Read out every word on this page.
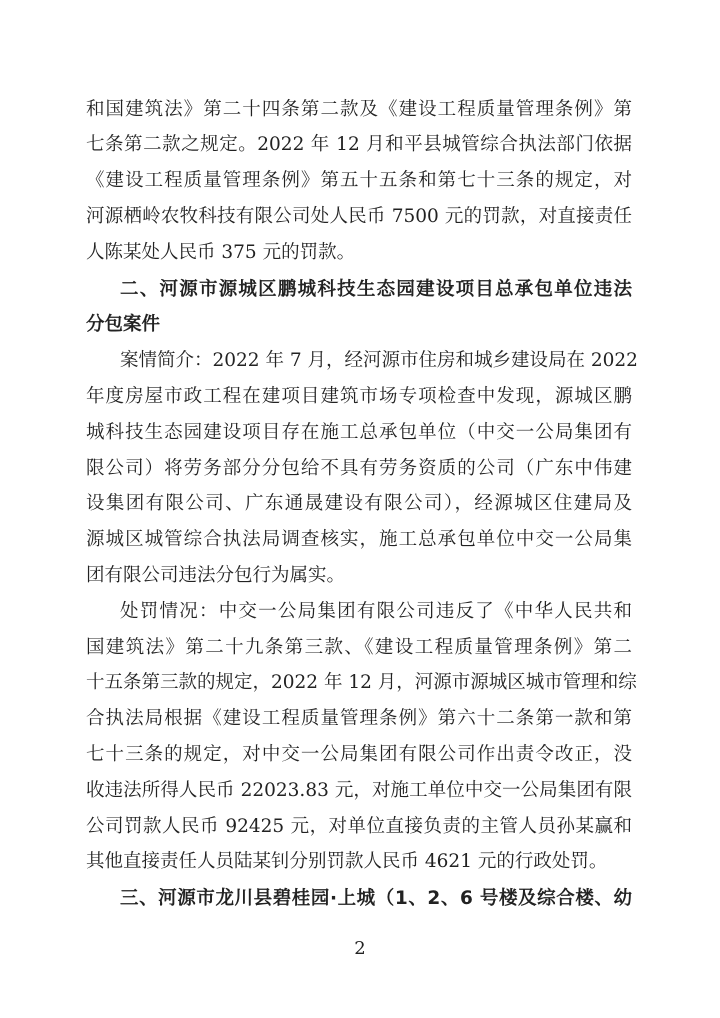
和国建筑法》第二十四条第二款及《建设工程质量管理条例》第
七条第二款之规定。2022 年 12 月和平县城管综合执法部门依据
《建设工程质量管理条例》第五十五条和第七十三条的规定，对
河源栖岭农牧科技有限公司处人民币 7500 元的罚款，对直接责任
人陈某处人民币 375 元的罚款。
二、河源市源城区鹏城科技生态园建设项目总承包单位违法
分包案件
案情简介：2022 年 7 月，经河源市住房和城乡建设局在 2022
年度房屋市政工程在建项目建筑市场专项检查中发现，源城区鹏
城科技生态园建设项目存在施工总承包单位（中交一公局集团有
限公司）将劳务部分分包给不具有劳务资质的公司（广东中伟建
设集团有限公司、广东通晟建设有限公司），经源城区住建局及
源城区城管综合执法局调查核实，施工总承包单位中交一公局集
团有限公司违法分包行为属实。
处罚情况：中交一公局集团有限公司违反了《中华人民共和
国建筑法》第二十九条第三款、《建设工程质量管理条例》第二
十五条第三款的规定，2022 年 12 月，河源市源城区城市管理和综
合执法局根据《建设工程质量管理条例》第六十二条第一款和第
七十三条的规定，对中交一公局集团有限公司作出责令改正，没
收违法所得人民币 22023.83 元，对施工单位中交一公局集团有限
公司罚款人民币 92425 元，对单位直接负责的主管人员孙某赢和
其他直接责任人员陆某钊分别罚款人民币 4621 元的行政处罚。
三、河源市龙川县碧桂园·上城（1、2、6 号楼及综合楼、幼
2
